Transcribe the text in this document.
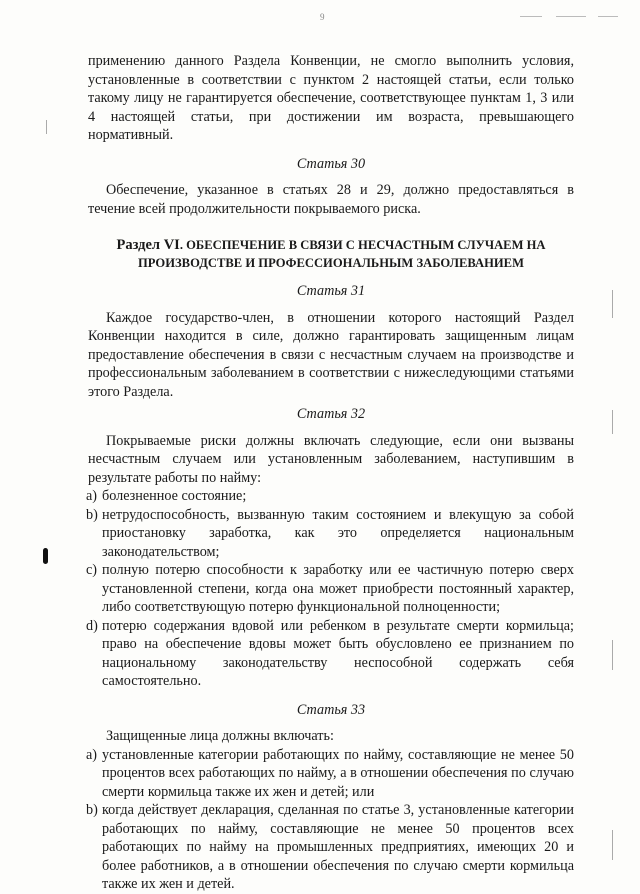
9

применению данного Раздела Конвенции, не смогло выполнить условия, установленные в соответствии с пунктом 2 настоящей статьи, если только такому лицу не гарантируется обеспечение, соответствующее пунктам 1, 3 или 4 настоящей статьи, при достижении им возраста, превышающего нормативный.

Статья 30

Обеспечение, указанное в статьях 28 и 29, должно предоставляться в течение всей продолжительности покрываемого риска.

Раздел VI. ОБЕСПЕЧЕНИЕ В СВЯЗИ С НЕСЧАСТНЫМ СЛУЧАЕМ НА ПРОИЗВОДСТВЕ И ПРОФЕССИОНАЛЬНЫМ ЗАБОЛЕВАНИЕМ

Статья 31

Каждое государство-член, в отношении которого настоящий Раздел Конвенции находится в силе, должно гарантировать защищенным лицам предоставление обеспечения в связи с несчастным случаем на производстве и профессиональным заболеванием в соответствии с нижеследующими статьями этого Раздела.

Статья 32

Покрываемые риски должны включать следующие, если они вызваны несчастным случаем или установленным заболеванием, наступившим в результате работы по найму:

a) болезненное состояние;
b) нетрудоспособность, вызванную таким состоянием и влекущую за собой приостановку заработка, как это определяется национальным законодательством;
c) полную потерю способности к заработку или ее частичную потерю сверх установленной степени, когда она может приобрести постоянный характер, либо соответствующую потерю функциональной полноценности;
d) потерю содержания вдовой или ребенком в результате смерти кормильца; право на обеспечение вдовы может быть обусловлено ее признанием по национальному законодательству неспособной содержать себя самостоятельно.

Статья 33

Защищенные лица должны включать:

a) установленные категории работающих по найму, составляющие не менее 50 процентов всех работающих по найму, а в отношении обеспечения по случаю смерти кормильца также их жен и детей; или
b) когда действует декларация, сделанная по статье 3, установленные категории работающих по найму, составляющие не менее 50 процентов всех работающих по найму на промышленных предприятиях, имеющих 20 и более работников, а в отношении обеспечения по случаю смерти кормильца также их жен и детей.
